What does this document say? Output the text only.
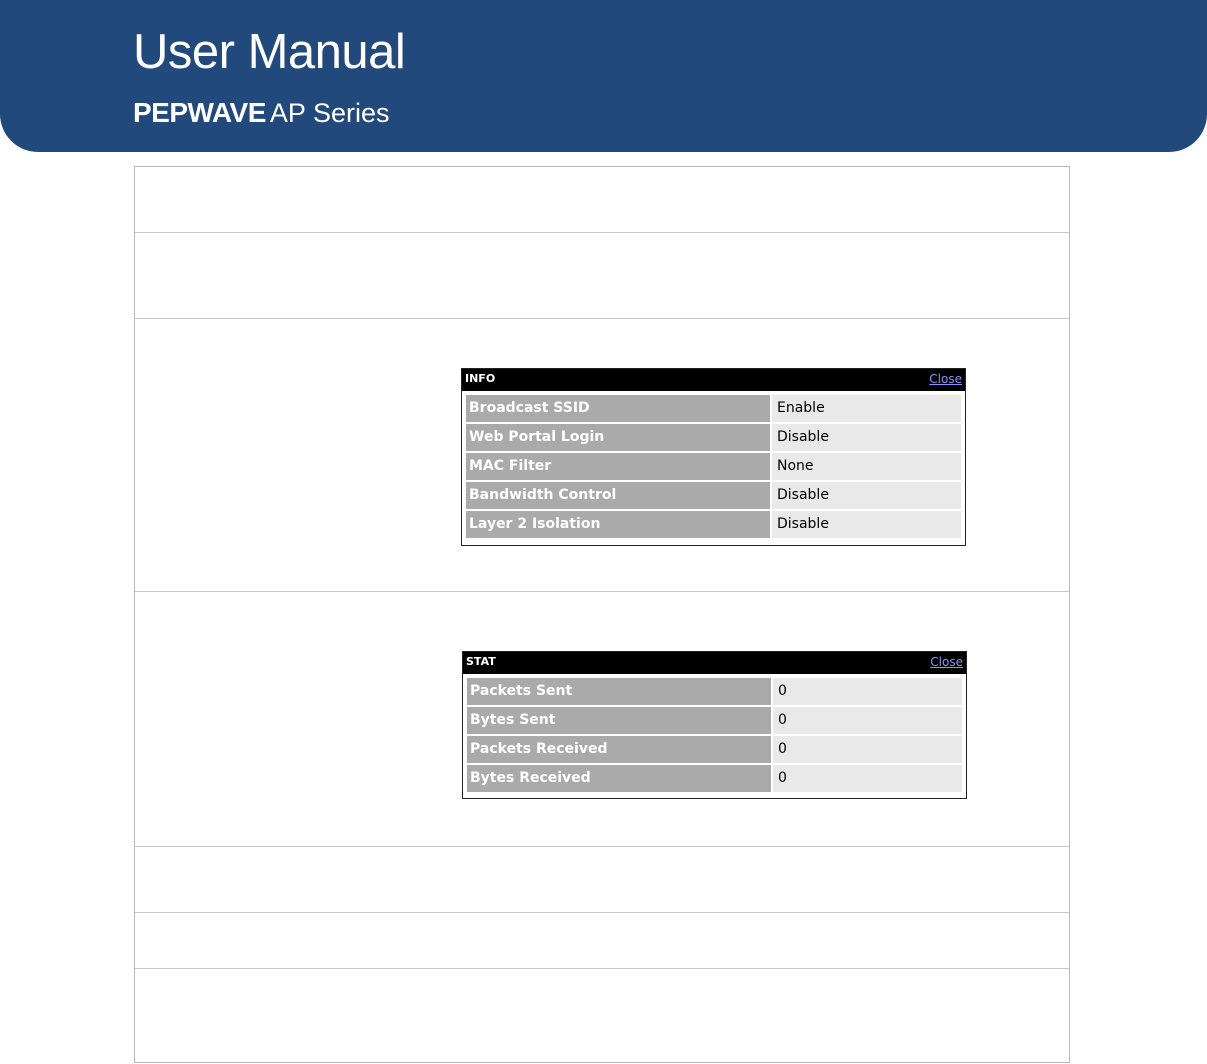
User Manual
PEPWAVE AP Series
INFO	Close
Broadcast SSID	Enable
Web Portal Login	Disable
MAC Filter	None
Bandwidth Control	Disable
Layer 2 Isolation	Disable
STAT	Close
Packets Sent	0
Bytes Sent	0
Packets Received	0
Bytes Received	0
